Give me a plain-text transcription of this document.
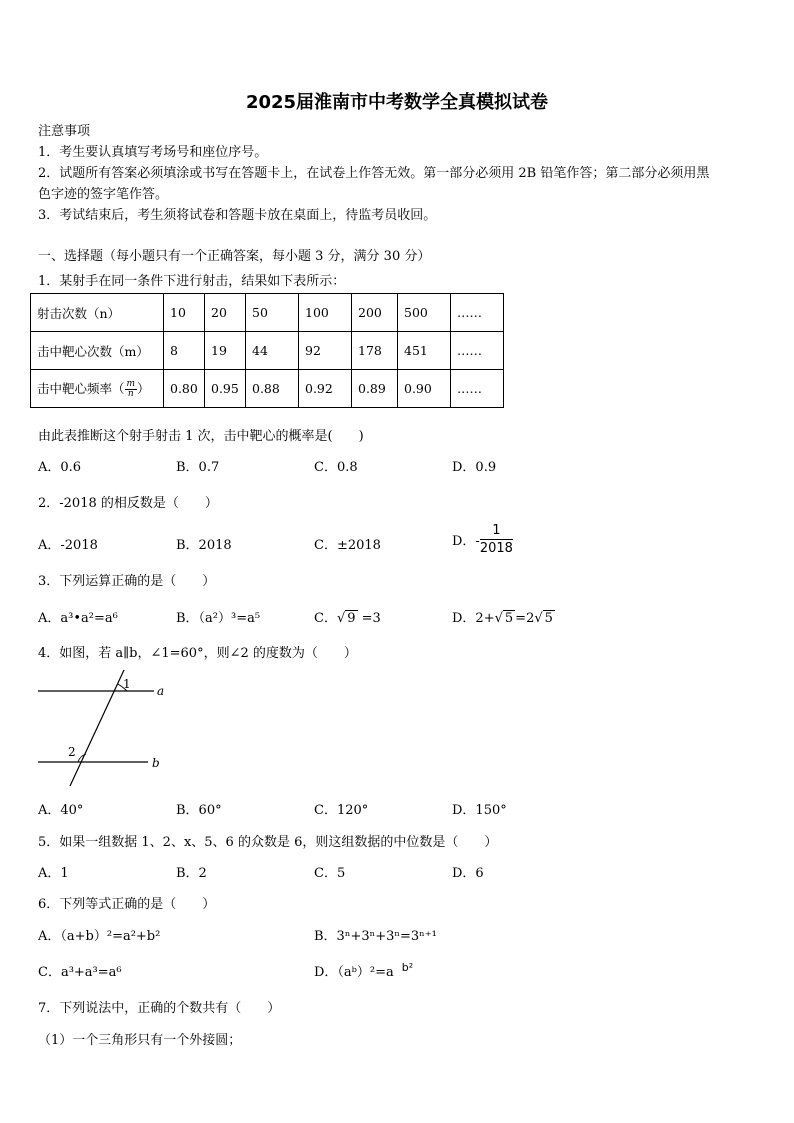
2025届淮南市中考数学全真模拟试卷
注意事项
1．考生要认真填写考场号和座位序号。
2．试题所有答案必须填涂或书写在答题卡上，在试卷上作答无效。第一部分必须用 2B 铅笔作答；第二部分必须用黑
色字迹的签字笔作答。
3．考试结束后，考生须将试卷和答题卡放在桌面上，待监考员收回。
一、选择题（每小题只有一个正确答案，每小题 3 分，满分 30 分）
1．某射手在同一条件下进行射击，结果如下表所示：
射击次数（n）	10	20	50	100	200	500	……
击中靶心次数（m）	8	19	44	92	178	451	……
击中靶心频率（ $\frac{m}{n}$ ）	0.80	0.95	0.88	0.92	0.89	0.90	……
由此表推断这个射手射击 1 次，击中靶心的概率是(　　)
A．0.6	B．0.7	C．0.8	D．0.9
2．-2018 的相反数是（　　）
A．-2018	B．2018	C．±2018	D．- $\frac{1}{2018}$
3．下列运算正确的是（　　）
A．a³•a²=a⁶	B．（a²）³=a⁵	C．√ 9 =3	D．2+√ 5 =2√ 5
4．如图，若 a∥b，∠1=60°，则∠2 的度数为（　　）
1
2
a
b
A．40°	B．60°	C．120°	D．150°
5．如果一组数据 1、2、x、5、6 的众数是 6，则这组数据的中位数是（　　）
A．1	B．2	C．5	D．6
6．下列等式正确的是（　　）
A．（a+b）²=a²+b²	B．3ⁿ+3ⁿ+3ⁿ=3ⁿ⁺¹
C．a³+a³=a⁶	D．（aᵇ）²=a $^{b^2}$
7．下列说法中，正确的个数共有（　　）
（1）一个三角形只有一个外接圆；
